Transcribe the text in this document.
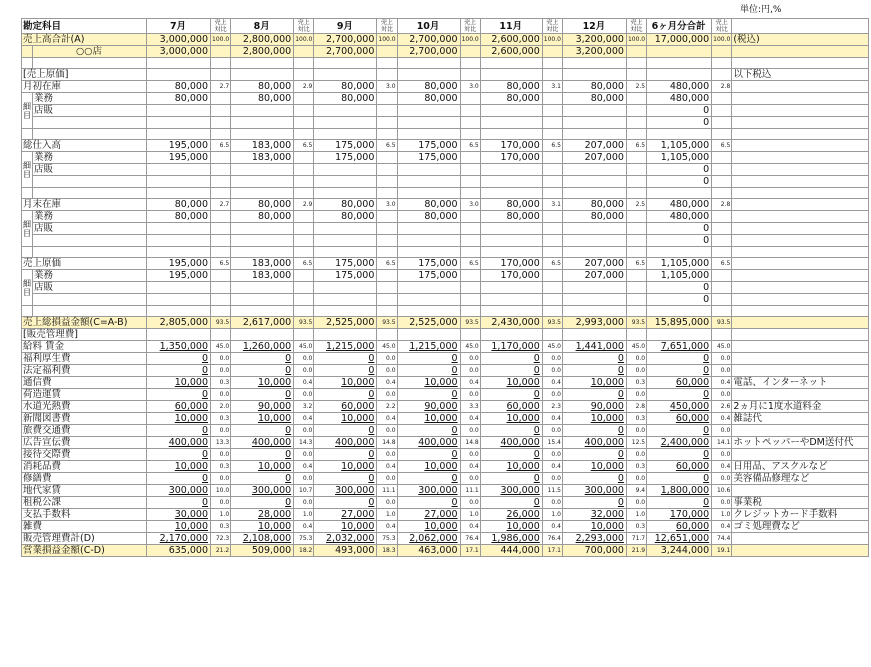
単位:円,%
勘定科目		7月	売上対比	8月	売上対比	9月	売上対比	10月	売上対比	11月	売上対比	12月	売上対比	6ヶ月分合計	売上対比	
売上高合計(A)		3,000,000	100.0	2,800,000	100.0	2,700,000	100.0	2,700,000	100.0	2,600,000	100.0	3,200,000	100.0	17,000,000	100.0	(税込)
	○○店	3,000,000		2,800,000		2,700,000		2,700,000		2,600,000		3,200,000				

[売上原価]																以下税込
月初在庫		80,000	2.7	80,000	2.9	80,000	3.0	80,000	3.0	80,000	3.1	80,000	2.5	480,000	2.8	
細目	業務	80,000		80,000		80,000		80,000		80,000		80,000		480,000		
	店販													0		
														0		

総仕入高		195,000	6.5	183,000	6.5	175,000	6.5	175,000	6.5	170,000	6.5	207,000	6.5	1,105,000	6.5	
細目	業務	195,000		183,000		175,000		175,000		170,000		207,000		1,105,000		
	店販													0		
														0		

月末在庫		80,000	2.7	80,000	2.9	80,000	3.0	80,000	3.0	80,000	3.1	80,000	2.5	480,000	2.8	
細目	業務	80,000		80,000		80,000		80,000		80,000		80,000		480,000		
	店販													0		
														0		

売上原価		195,000	6.5	183,000	6.5	175,000	6.5	175,000	6.5	170,000	6.5	207,000	6.5	1,105,000	6.5	
細目	業務	195,000		183,000		175,000		175,000		170,000		207,000		1,105,000		
	店販													0		
														0		

売上総損益金額(C=A-B)		2,805,000	93.5	2,617,000	93.5	2,525,000	93.5	2,525,000	93.5	2,430,000	93.5	2,993,000	93.5	15,895,000	93.5	
[販売管理費]																
給料 賃金		1,350,000	45.0	1,260,000	45.0	1,215,000	45.0	1,215,000	45.0	1,170,000	45.0	1,441,000	45.0	7,651,000	45.0	
福利厚生費		0	0.0	0	0.0	0	0.0	0	0.0	0	0.0	0	0.0	0	0.0	
法定福利費		0	0.0	0	0.0	0	0.0	0	0.0	0	0.0	0	0.0	0	0.0	
通信費		10,000	0.3	10,000	0.4	10,000	0.4	10,000	0.4	10,000	0.4	10,000	0.3	60,000	0.4	電話、インターネット
荷造運賃		0	0.0	0	0.0	0	0.0	0	0.0	0	0.0	0	0.0	0	0.0	
水道光熱費		60,000	2.0	90,000	3.2	60,000	2.2	90,000	3.3	60,000	2.3	90,000	2.8	450,000	2.6	2ヵ月に1度水道料金
新聞図書費		10,000	0.3	10,000	0.4	10,000	0.4	10,000	0.4	10,000	0.4	10,000	0.3	60,000	0.4	雑誌代
旅費交通費		0	0.0	0	0.0	0	0.0	0	0.0	0	0.0	0	0.0	0	0.0	
広告宣伝費		400,000	13.3	400,000	14.3	400,000	14.8	400,000	14.8	400,000	15.4	400,000	12.5	2,400,000	14.1	ホットペッパーやDM送付代
接待交際費		0	0.0	0	0.0	0	0.0	0	0.0	0	0.0	0	0.0	0	0.0	
消耗品費		10,000	0.3	10,000	0.4	10,000	0.4	10,000	0.4	10,000	0.4	10,000	0.3	60,000	0.4	日用品、アスクルなど
修繕費		0	0.0	0	0.0	0	0.0	0	0.0	0	0.0	0	0.0	0	0.0	美容備品修理など
地代家賃		300,000	10.0	300,000	10.7	300,000	11.1	300,000	11.1	300,000	11.5	300,000	9.4	1,800,000	10.6	
租税公課		0	0.0	0	0.0	0	0.0	0	0.0	0	0.0	0	0.0	0	0.0	事業税
支払手数料		30,000	1.0	28,000	1.0	27,000	1.0	27,000	1.0	26,000	1.0	32,000	1.0	170,000	1.0	クレジットカード手数料
雑費		10,000	0.3	10,000	0.4	10,000	0.4	10,000	0.4	10,000	0.4	10,000	0.3	60,000	0.4	ゴミ処理費など
販売管理費計(D)		2,170,000	72.3	2,108,000	75.3	2,032,000	75.3	2,062,000	76.4	1,986,000	76.4	2,293,000	71.7	12,651,000	74.4	
営業損益金額(C-D)		635,000	21.2	509,000	18.2	493,000	18.3	463,000	17.1	444,000	17.1	700,000	21.9	3,244,000	19.1	
